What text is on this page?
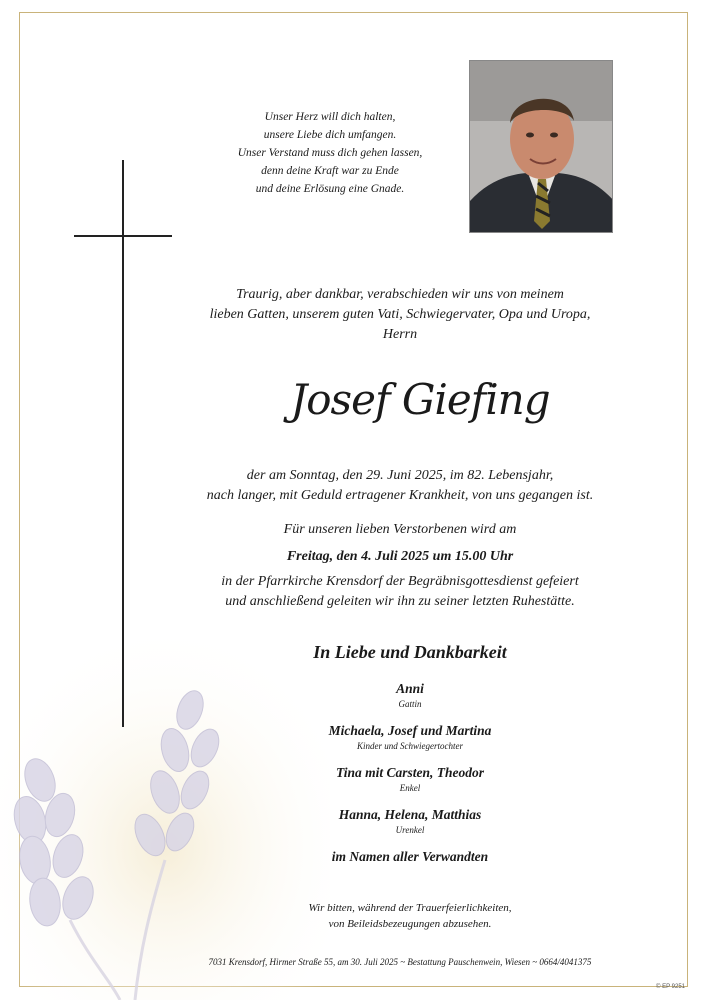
Unser Herz will dich halten,
unsere Liebe dich umfangen.
Unser Verstand muss dich gehen lassen,
denn deine Kraft war zu Ende
und deine Erlösung eine Gnade.
Traurig, aber dankbar, verabschieden wir uns von meinem
lieben Gatten, unserem guten Vati, Schwiegervater, Opa und Uropa,
Herrn
Josef Giefing
der am Sonntag, den 29. Juni 2025, im 82. Lebensjahr,
nach langer, mit Geduld ertragener Krankheit, von uns gegangen ist.
Für unseren lieben Verstorbenen wird am
Freitag, den 4. Juli 2025 um 15.00 Uhr
in der Pfarrkirche Krensdorf der Begräbnisgottesdienst gefeiert
und anschließend geleiten wir ihn zu seiner letzten Ruhestätte.
In Liebe und Dankbarkeit
Anni
Gattin
Michaela, Josef und Martina
Kinder und Schwiegertochter
Tina mit Carsten, Theodor
Enkel
Hanna, Helena, Matthias
Urenkel
im Namen aller Verwandten
Wir bitten, während der Trauerfeierlichkeiten,
von Beileidsbezeugungen abzusehen.
7031 Krensdorf, Hirmer Straße 55, am 30. Juli 2025 ~ Bestattung Pauschenwein, Wiesen ~ 0664/4041375
© EP 9251
